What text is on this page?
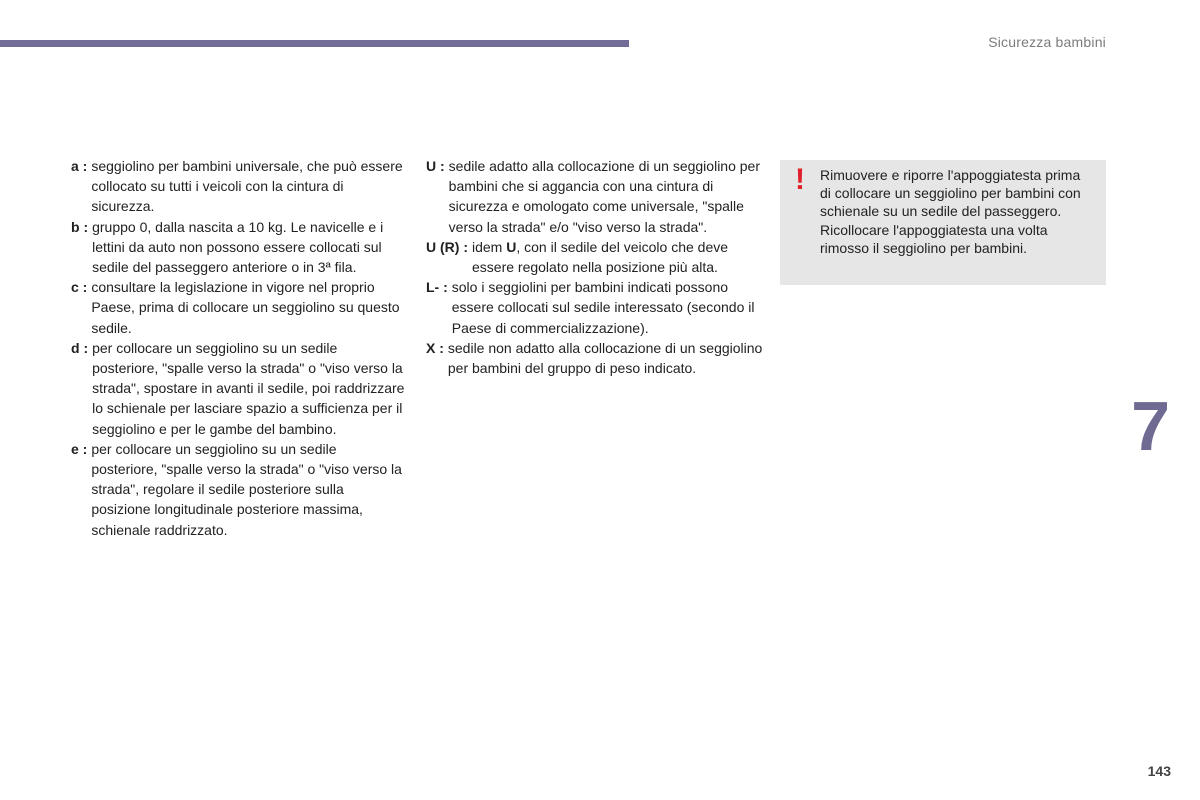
Sicurezza bambini
a : seggiolino per bambini universale, che può essere collocato su tutti i veicoli con la cintura di sicurezza.
b : gruppo 0, dalla nascita a 10 kg. Le navicelle e i lettini da auto non possono essere collocati sul sedile del passeggero anteriore o in 3ª fila.
c : consultare la legislazione in vigore nel proprio Paese, prima di collocare un seggiolino su questo sedile.
d : per collocare un seggiolino su un sedile posteriore, "spalle verso la strada" o "viso verso la strada", spostare in avanti il sedile, poi raddrizzare lo schienale per lasciare spazio a sufficienza per il seggiolino e per le gambe del bambino.
e : per collocare un seggiolino su un sedile posteriore, "spalle verso la strada" o "viso verso la strada", regolare il sedile posteriore sulla posizione longitudinale posteriore massima, schienale raddrizzato.
U : sedile adatto alla collocazione di un seggiolino per bambini che si aggancia con una cintura di sicurezza e omologato come universale, "spalle verso la strada" e/o "viso verso la strada".
U (R) : idem U, con il sedile del veicolo che deve essere regolato nella posizione più alta.
L- : solo i seggiolini per bambini indicati possono essere collocati sul sedile interessato (secondo il Paese di commercializzazione).
X : sedile non adatto alla collocazione di un seggiolino per bambini del gruppo di peso indicato.
! Rimuovere e riporre l'appoggiatesta prima di collocare un seggiolino per bambini con schienale su un sedile del passeggero. Ricollocare l'appoggiatesta una volta rimosso il seggiolino per bambini.
7
143
